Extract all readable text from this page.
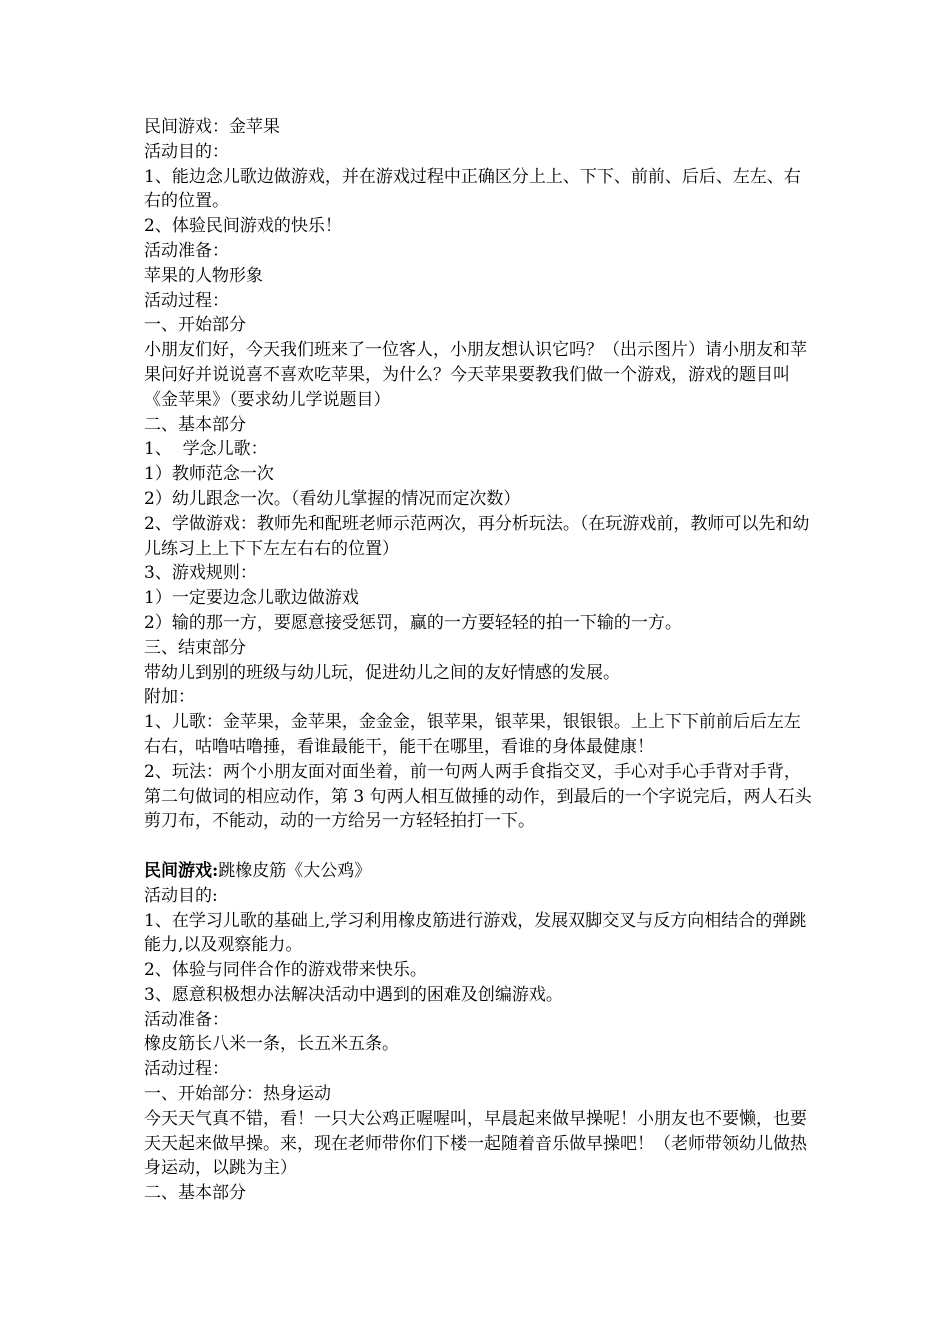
民间游戏：金苹果

活动目的：

1、能边念儿歌边做游戏，并在游戏过程中正确区分上上、下下、前前、后后、左左、右右的位置。

2、体验民间游戏的快乐！

活动准备：

苹果的人物形象

活动过程：

一、开始部分

小朋友们好，今天我们班来了一位客人，小朋友想认识它吗？（出示图片）请小朋友和苹果问好并说说喜不喜欢吃苹果，为什么？今天苹果要教我们做一个游戏，游戏的题目叫《金苹果》（要求幼儿学说题目）

二、基本部分

1、  学念儿歌：

1）教师范念一次

2）幼儿跟念一次。（看幼儿掌握的情况而定次数）

2、学做游戏：教师先和配班老师示范两次，再分析玩法。（在玩游戏前，教师可以先和幼儿练习上上下下左左右右的位置）

3、游戏规则：

1）一定要边念儿歌边做游戏

2）输的那一方，要愿意接受惩罚，赢的一方要轻轻的拍一下输的一方。

三、结束部分

带幼儿到别的班级与幼儿玩，促进幼儿之间的友好情感的发展。

附加：

1、儿歌：金苹果，金苹果，金金金，银苹果，银苹果，银银银。上上下下前前后后左左右右，咕噜咕噜捶，看谁最能干，能干在哪里，看谁的身体最健康！

2、玩法：两个小朋友面对面坐着，前一句两人两手食指交叉，手心对手心手背对手背，第二句做词的相应动作，第 3 句两人相互做捶的动作，到最后的一个字说完后，两人石头剪刀布，不能动，动的一方给另一方轻轻拍打一下。

民间游戏:跳橡皮筋《大公鸡》

活动目的:

1、在学习儿歌的基础上,学习利用橡皮筋进行游戏，发展双脚交叉与反方向相结合的弹跳能力,以及观察能力。

2、体验与同伴合作的游戏带来快乐。

3、愿意积极想办法解决活动中遇到的困难及创编游戏。

活动准备：

橡皮筋长八米一条，长五米五条。

活动过程：

一、开始部分：热身运动

今天天气真不错，看！一只大公鸡正喔喔叫，早晨起来做早操呢！小朋友也不要懒，也要天天起来做早操。来，现在老师带你们下楼一起随着音乐做早操吧！（老师带领幼儿做热身运动，以跳为主）

二、基本部分
